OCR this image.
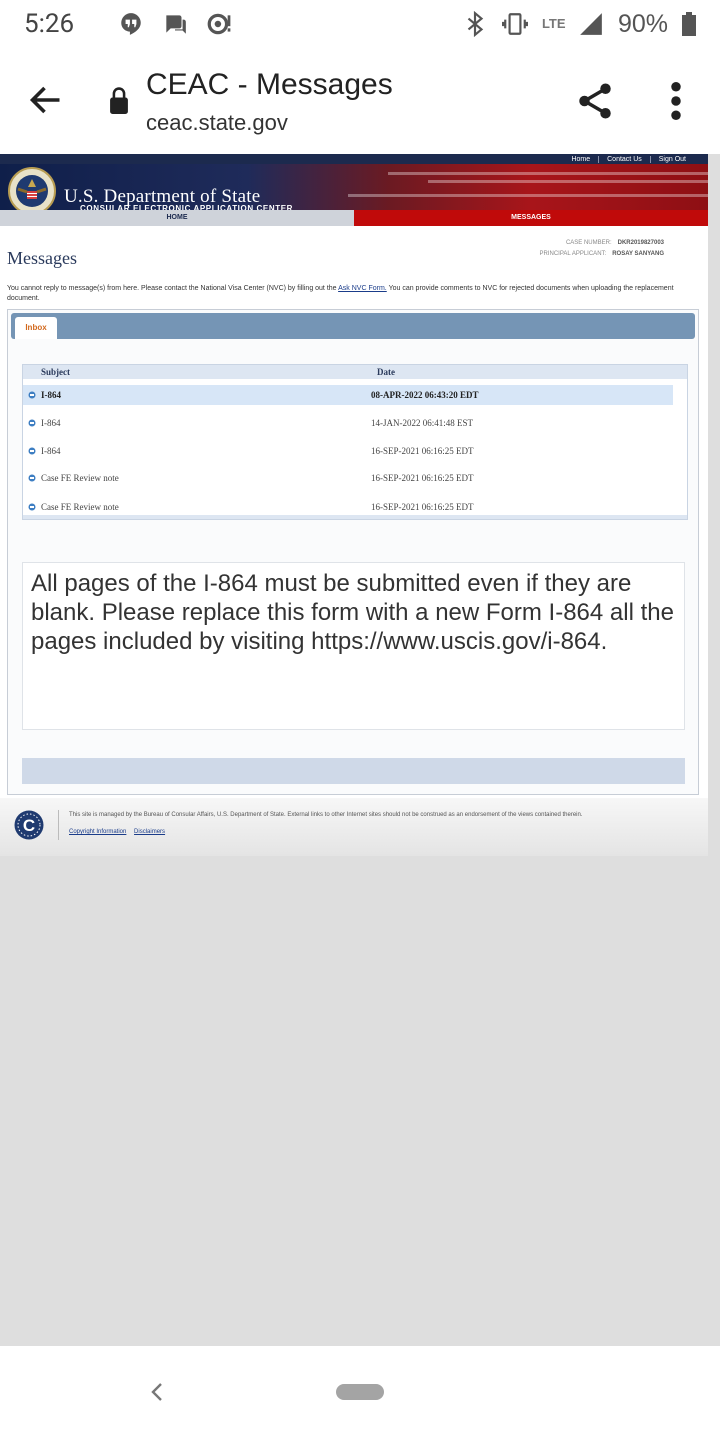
5:26	LTE 90%
CEAC - Messages
ceac.state.gov
Home	Contact Us	Sign Out
U.S. Department of State
CONSULAR ELECTRONIC APPLICATION CENTER
HOME	MESSAGES
CASE NUMBER: DKR2019827003
PRINCIPAL APPLICANT: ROSAY SANYANG
Messages
You cannot reply to message(s) from here. Please contact the National Visa Center (NVC) by filling out the Ask NVC Form. You can provide comments to NVC for rejected documents when uploading the replacement document.
Inbox
Subject	Date
I-864	08-APR-2022 06:43:20 EDT
I-864	14-JAN-2022 06:41:48 EST
I-864	16-SEP-2021 06:16:25 EDT
Case FE Review note	16-SEP-2021 06:16:25 EDT
Case FE Review note	16-SEP-2021 06:16:25 EDT
All pages of the I-864 must be submitted even if they are blank. Please replace this form with a new Form I-864 all the pages included by visiting https://www.uscis.gov/i-864.
C
This site is managed by the Bureau of Consular Affairs, U.S. Department of State. External links to other Internet sites should not be construed as an endorsement of the views contained therein.
Copyright Information Disclaimers
